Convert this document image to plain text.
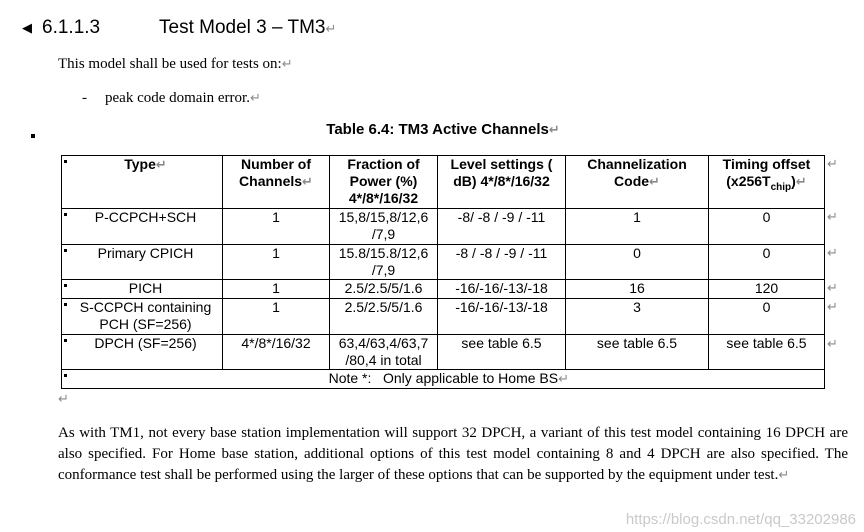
◀ 6.1.1.3	Test Model 3 – TM3↵
This model shall be used for tests on:↵
- peak code domain error.↵
Table 6.4: TM3 Active Channels↵
Type↵	Number of Channels↵	Fraction of Power (%) 4*/8*/16/32	Level settings ( dB) 4*/8*/16/32	Channelization Code↵	Timing offset $(x256T_{chip})↵$
P-CCPCH+SCH	1	15,8/15,8/12,6 /7,9	-8/ -8 / -9 / -11	1	0
Primary CPICH	1	15.8/15.8/12,6 /7,9	-8 / -8 / -9 / -11	0	0
PICH	1	2.5/2.5/5/1.6	-16/-16/-13/-18	16	120
S-CCPCH containing PCH (SF=256)	1	2.5/2.5/5/1.6	-16/-16/-13/-18	3	0
DPCH (SF=256)	4*/8*/16/32	63,4/63,4/63,7 /80,4 in total	see table 6.5	see table 6.5	see table 6.5
Note *: Only applicable to Home BS↵					
↵
↵
↵
↵
↵
↵
↵
As with TM1, not every base station implementation will support 32 DPCH, a variant of this test model containing 16 DPCH are also specified. For Home base station, additional options of this test model containing 8 and 4 DPCH are also specified. The conformance test shall be performed using the larger of these options that can be supported by the equipment under test.↵
https://blog.csdn.net/qq_33202986
